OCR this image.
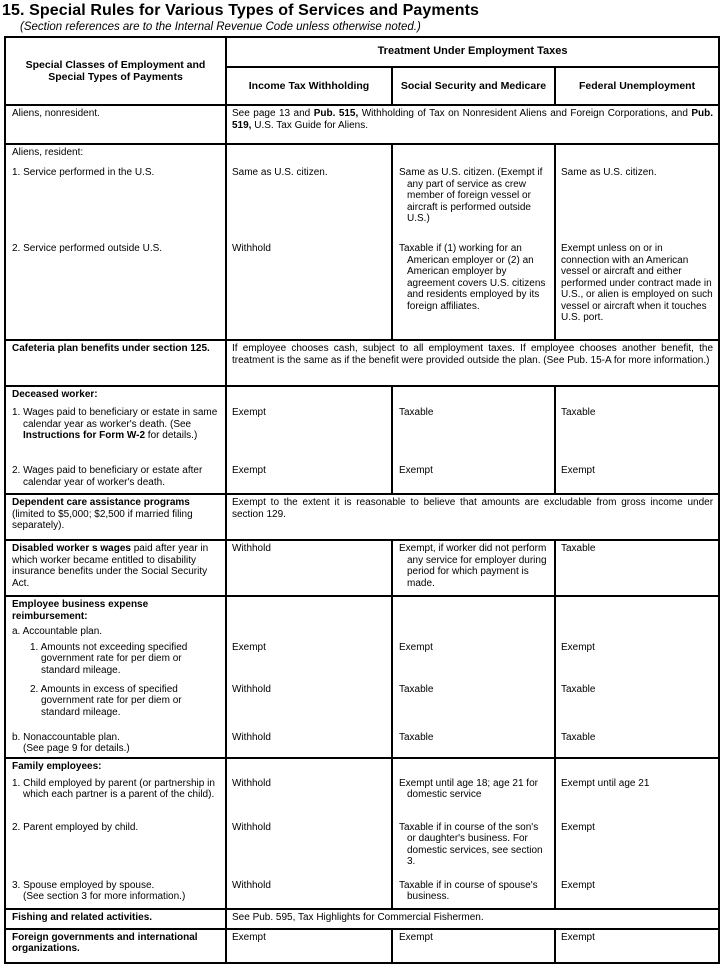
15. Special Rules for Various Types of Services and Payments
(Section references are to the Internal Revenue Code unless otherwise noted.)
Special Classes of Employment and Special Types of Payments	Treatment Under Employment Taxes		
	Income Tax Withholding	Social Security and Medicare	Federal Unemployment
Aliens, nonresident.	See page 13 and Pub. 515, Withholding of Tax on Nonresident Aliens and Foreign Corporations, and Pub. 519, U.S. Tax Guide for Aliens.		
Aliens, resident:			

1. Service performed in the U.S.	Same as U.S. citizen.	Same as U.S. citizen. (Exempt if any part of service as crew member of foreign vessel or aircraft is performed outside U.S.)	Same as U.S. citizen.

2. Service performed outside U.S.	Withhold	Taxable if (1) working for an American employer or (2) an American employer by agreement covers U.S. citizens and residents employed by its foreign affiliates.	Exempt unless on or in connection with an American vessel or aircraft and either performed under contract made in U.S., or alien is employed on such vessel or aircraft when it touches U.S. port.
Cafeteria plan benefits under section 125.	If employee chooses cash, subject to all employment taxes. If employee chooses another benefit, the treatment is the same as if the benefit were provided outside the plan. (See Pub. 15-A for more information.)		
Deceased worker:			

1. Wages paid to beneficiary or estate in same calendar year as worker's death. (See Instructions for Form W-2 for details.)	Exempt	Taxable	Taxable

2. Wages paid to beneficiary or estate after calendar year of worker's death.	Exempt	Exempt	Exempt
Dependent care assistance programs (limited to $5,000; $2,500 if married filing separately).	Exempt to the extent it is reasonable to believe that amounts are excludable from gross income under section 129.		
Disabled worker s wages paid after year in which worker became entitled to disability insurance benefits under the Social Security Act.	Withhold	Exempt, if worker did not perform any service for employer during period for which payment is made.	Taxable
Employee business expense reimbursement:			

a. Accountable plan.			

1. Amounts not exceeding specified government rate for per diem or standard mileage.	Exempt	Exempt	Exempt

2. Amounts in excess of specified government rate for per diem or standard mileage.	Withhold	Taxable	Taxable

b. Nonaccountable plan.
(See page 9 for details.)	Withhold	Taxable	Taxable
Family employees:			

1. Child employed by parent (or partnership in which each partner is a parent of the child).	Withhold	Exempt until age 18; age 21 for domestic service	Exempt until age 21

2. Parent employed by child.	Withhold	Taxable if in course of the son's or daughter's business. For domestic services, see section 3.	Exempt

3. Spouse employed by spouse.
(See section 3 for more information.)	Withhold	Taxable if in course of spouse's business.	Exempt
Fishing and related activities.	See Pub. 595, Tax Highlights for Commercial Fishermen.		
Foreign governments and international organizations.	Exempt	Exempt	Exempt
